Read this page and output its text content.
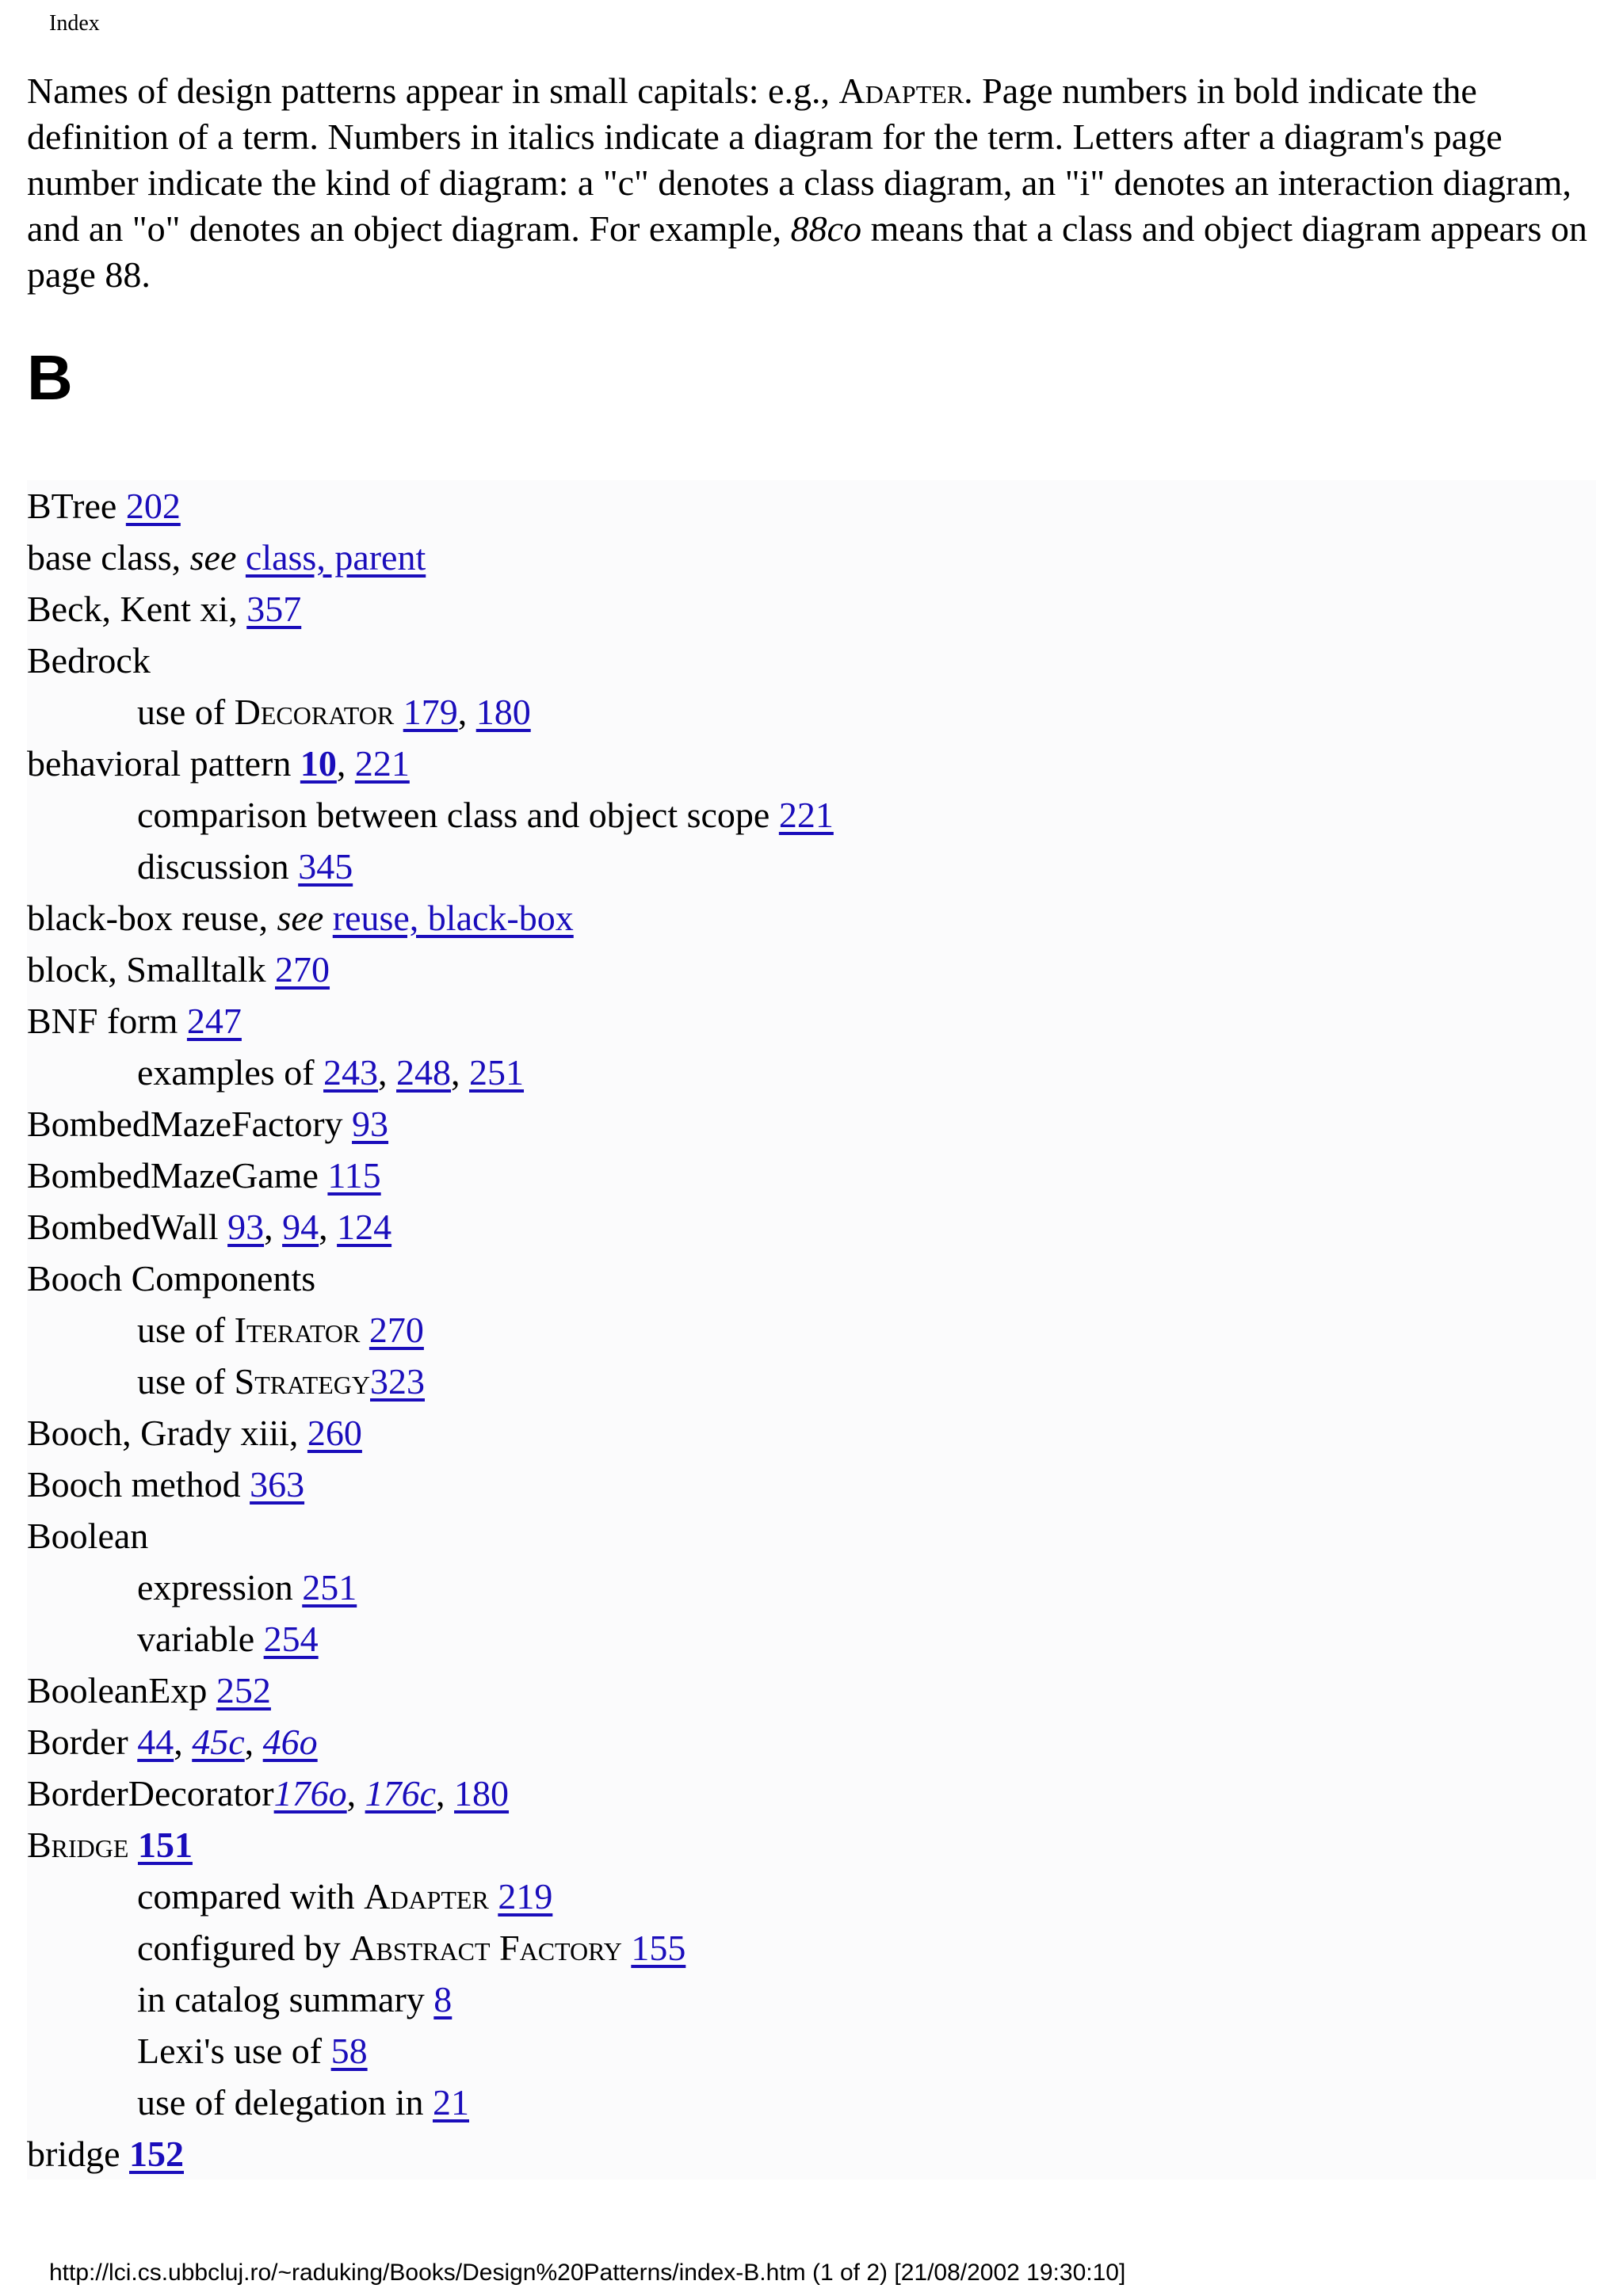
Index

Names of design patterns appear in small capitals: e.g., Adapter. Page numbers in bold indicate the definition of a term. Numbers in italics indicate a diagram for the term. Letters after a diagram's page number indicate the kind of diagram: a "c" denotes a class diagram, an "i" denotes an interaction diagram, and an "o" denotes an object diagram. For example, 88co means that a class and object diagram appears on page 88.

B
BTree 202
base class, see class, parent
Beck, Kent xi, 357
Bedrock
use of Decorator 179, 180
behavioral pattern 10, 221
comparison between class and object scope 221
discussion 345
black-box reuse, see reuse, black-box
block, Smalltalk 270
BNF form 247
examples of 243, 248, 251
BombedMazeFactory 93
BombedMazeGame 115
BombedWall 93, 94, 124
Booch Components
use of Iterator 270
use of Strategy323
Booch, Grady xiii, 260
Booch method 363
Boolean
expression 251
variable 254
BooleanExp 252
Border 44, 45c, 46o
BorderDecorator176o, 176c, 180
Bridge 151
compared with Adapter 219
configured by Abstract Factory 155
in catalog summary 8
Lexi's use of 58
use of delegation in 21
bridge 152
http://lci.cs.ubbcluj.ro/~raduking/Books/Design%20Patterns/index-B.htm (1 of 2) [21/08/2002 19:30:10]
